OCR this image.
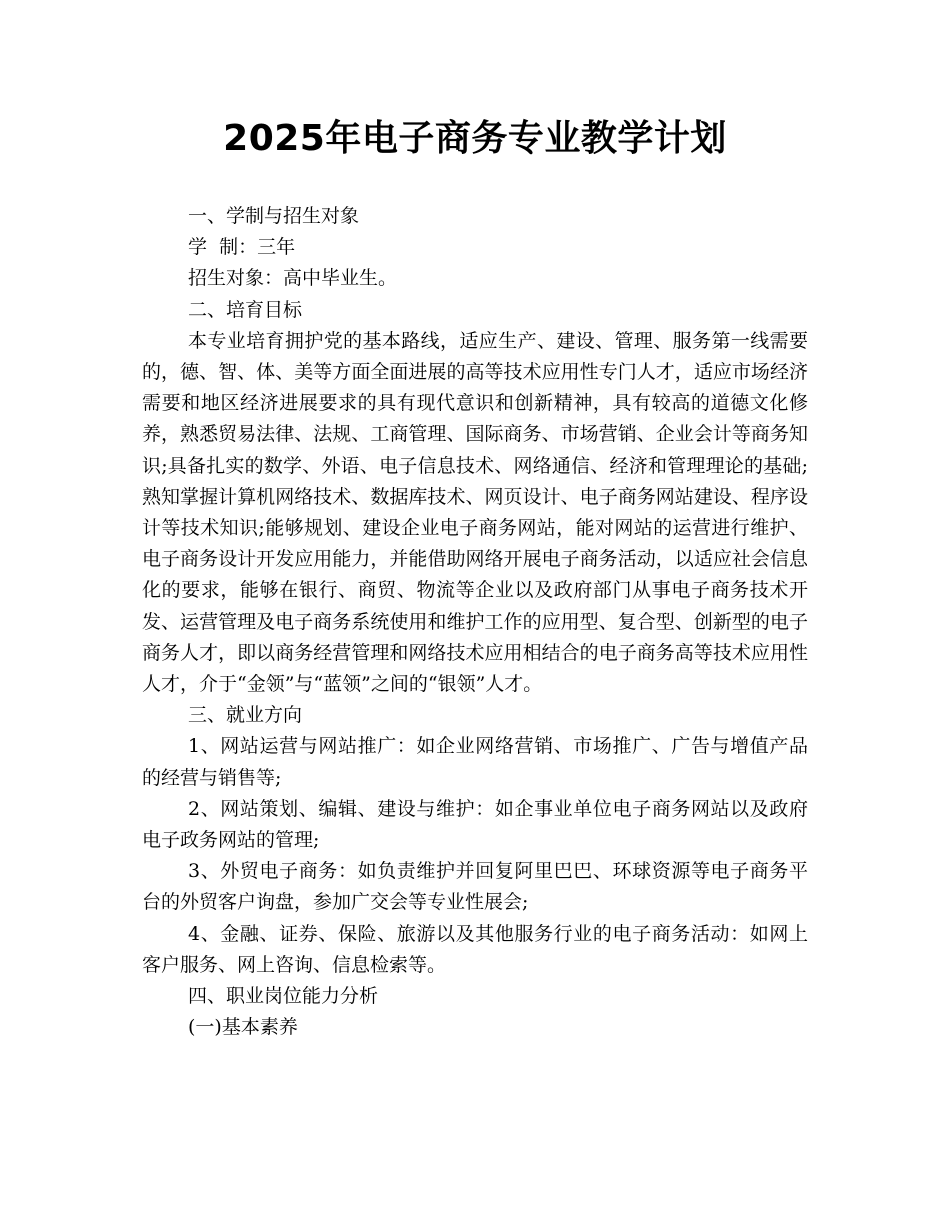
2025年电子商务专业教学计划

一、学制与招生对象

学  制：三年

招生对象：高中毕业生。

二、培育目标

本专业培育拥护党的基本路线，适应生产、建设、管理、服务第一线需要的，德、智、体、美等方面全面进展的高等技术应用性专门人才，适应市场经济需要和地区经济进展要求的具有现代意识和创新精神，具有较高的道德文化修养，熟悉贸易法律、法规、工商管理、国际商务、市场营销、企业会计等商务知识;具备扎实的数学、外语、电子信息技术、网络通信、经济和管理理论的基础;熟知掌握计算机网络技术、数据库技术、网页设计、电子商务网站建设、程序设计等技术知识;能够规划、建设企业电子商务网站，能对网站的运营进行维护、电子商务设计开发应用能力，并能借助网络开展电子商务活动，以适应社会信息化的要求，能够在银行、商贸、物流等企业以及政府部门从事电子商务技术开发、运营管理及电子商务系统使用和维护工作的应用型、复合型、创新型的电子商务人才，即以商务经营管理和网络技术应用相结合的电子商务高等技术应用性人才，介于“金领”与“蓝领”之间的“银领”人才。

三、就业方向

1、网站运营与网站推广：如企业网络营销、市场推广、广告与增值产品的经营与销售等;

2、网站策划、编辑、建设与维护：如企事业单位电子商务网站以及政府电子政务网站的管理;

3、外贸电子商务：如负责维护并回复阿里巴巴、环球资源等电子商务平台的外贸客户询盘，参加广交会等专业性展会;

4、金融、证券、保险、旅游以及其他服务行业的电子商务活动：如网上客户服务、网上咨询、信息检索等。

四、职业岗位能力分析

(一)基本素养
